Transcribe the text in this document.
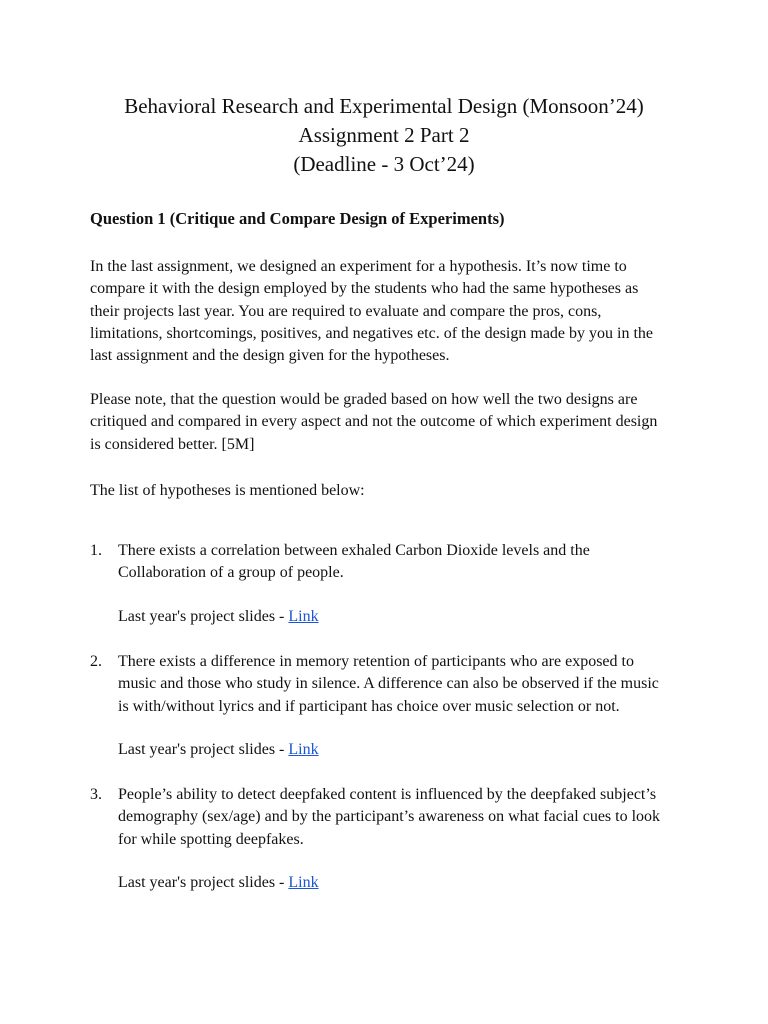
Behavioral Research and Experimental Design (Monsoon’24)
Assignment 2 Part 2
(Deadline - 3 Oct’24)
Question 1 (Critique and Compare Design of Experiments)

In the last assignment, we designed an experiment for a hypothesis. It’s now time to
compare it with the design employed by the students who had the same hypotheses as
their projects last year. You are required to evaluate and compare the pros, cons,
limitations, shortcomings, positives, and negatives etc. of the design made by you in the
last assignment and the design given for the hypotheses.

Please note, that the question would be graded based on how well the two designs are
critiqued and compared in every aspect and not the outcome of which experiment design
is considered better. [5M]

The list of hypotheses is mentioned below:

1. There exists a correlation between exhaled Carbon Dioxide levels and the
Collaboration of a group of people.
Last year's project slides - Link
2. There exists a difference in memory retention of participants who are exposed to
music and those who study in silence. A difference can also be observed if the music
is with/without lyrics and if participant has choice over music selection or not.
Last year's project slides - Link
3. People’s ability to detect deepfaked content is influenced by the deepfaked subject’s
demography (sex/age) and by the participant’s awareness on what facial cues to look
for while spotting deepfakes.
Last year's project slides - Link
